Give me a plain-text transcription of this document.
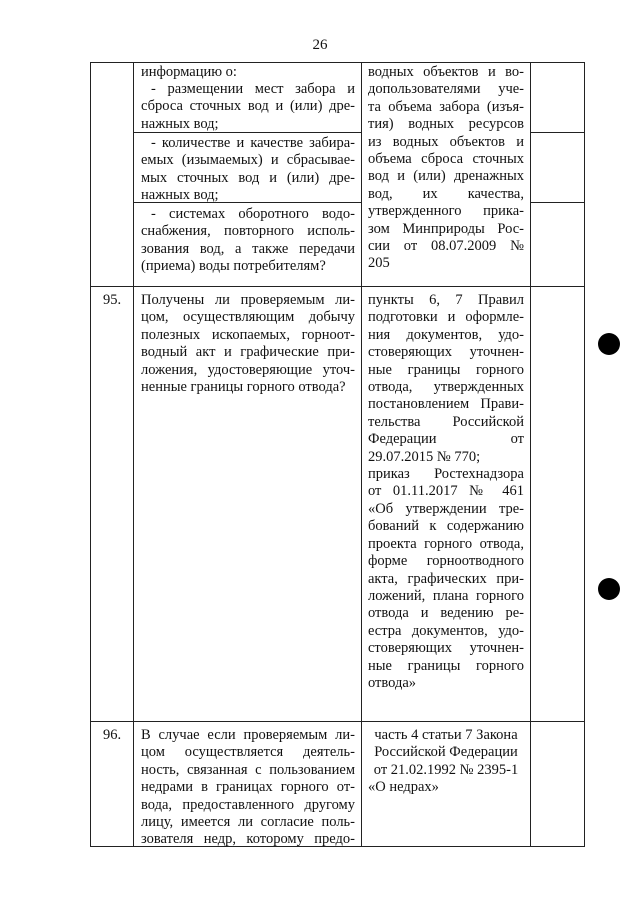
26
информацию о:
- размещении мест забора и
сброса сточных вод и (или) дре-
нажных вод;
- количестве и качестве забира-
емых (изымаемых) и сбрасывае-
мых сточных вод и (или) дре-
нажных вод;
- системах оборотного водо-
снабжения, повторного исполь-
зования вод, а также передачи
(приема) воды потребителям?
водных объектов и во-
допользователями уче-
та объема забора (изъя-
тия) водных ресурсов
из водных объектов и
объема сброса сточных
вод и (или) дренажных
вод, их качества,
утвержденного прика-
зом Минприроды Рос-
сии от 08.07.2009 №
205
95.	Получены ли проверяемым ли-
цом, осуществляющим добычу
полезных ископаемых, горноот-
водный акт и графические при-
ложения, удостоверяющие уточ-
ненные границы горного отвода?
пункты 6, 7 Правил
подготовки и оформле-
ния документов, удо-
стоверяющих уточнен-
ные границы горного
отвода, утвержденных
постановлением Прави-
тельства Российской
Федерации от
29.07.2015 № 770;
приказ Ростехнадзора
от 01.11.2017 № 461
«Об утверждении тре-
бований к содержанию
проекта горного отвода,
форме горноотводного
акта, графических при-
ложений, плана горного
отвода и ведению ре-
естра документов, удо-
стоверяющих уточнен-
ные границы горного
отвода»
96.	В случае если проверяемым ли-
цом осуществляется деятель-
ность, связанная с пользованием
недрами в границах горного от-
вода, предоставленного другому
лицу, имеется ли согласие поль-
зователя недр, которому предо-
часть 4 статьи 7 Закона
Российской Федерации
от 21.02.1992 № 2395-1
«О недрах»
